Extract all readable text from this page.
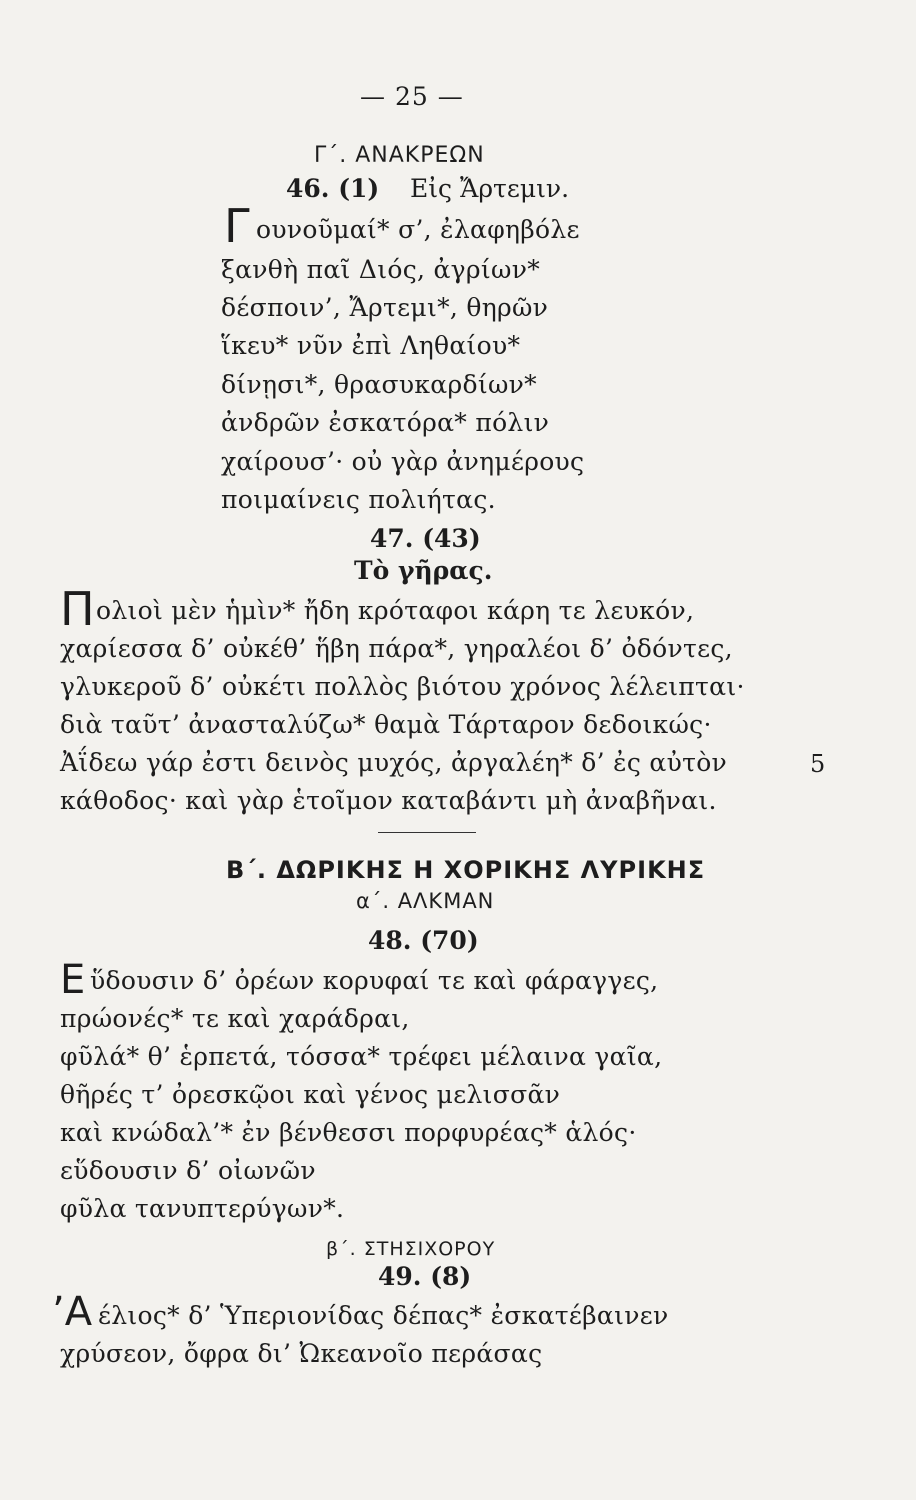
— 25 —
Γ΄. ΑΝΑΚΡΕΩΝ
46. (1) Εἰς Ἄρτεμιν.
Γ ουνοῦμαί* σ’, ἐλαφηβόλε
ξανθὴ παῖ Διός, ἀγρίων*
δέσποιν’, Ἄρτεμι*, θηρῶν
ἵκευ* νῦν ἐπὶ Ληθαίου*
δίνῃσι*, θρασυκαρδίων*
ἀνδρῶν ἐσκατόρα* πόλιν
χαίρουσ’· οὐ γὰρ ἀνημέρους
ποιμαίνεις πολιήτας.
47. (43)
Τὸ γῆρας.
Π ολιοὶ μὲν ἡμὶν* ἤδη κρόταφοι κάρη τε λευκόν,
χαρίεσσα δ’ οὐκέθ’ ἥβη πάρα*, γηραλέοι δ’ ὀδόντες,
γλυκεροῦ δ’ οὐκέτι πολλὸς βιότου χρόνος λέλειπται·
διὰ ταῦτ’ ἀνασταλύζω* θαμὰ Τάρταρον δεδοικώς·
Ἀΐδεω γάρ ἐστι δεινὸς μυχός, ἀργαλέη* δ’ ἐς αὐτὸν
κάθοδος· καὶ γὰρ ἑτοῖμον καταβάντι μὴ ἀναβῆναι.
5
Β΄. ΔΩΡΙΚΗΣ Η ΧΟΡΙΚΗΣ ΛΥΡΙΚΗΣ
α΄. ΑΛΚΜΑΝ
48. (70)
Ε ὕδουσιν δ’ ὀρέων κορυφαί τε καὶ φάραγγες,
πρώονές* τε καὶ χαράδραι,
φῦλά* θ’ ἑρπετά, τόσσα* τρέφει μέλαινα γαῖα,
θῆρές τ’ ὀρεσκῷοι καὶ γένος μελισσᾶν
καὶ κνώδαλ’* ἐν βένθεσσι πορφυρέας* ἁλός·
εὕδουσιν δ’ οἰωνῶν
φῦλα τανυπτερύγων*.
β΄. ΣΤΗΣΙΧΟΡΟΥ
49. (8)
’Α έλιος* δ’ Ὑπεριονίδας δέπας* ἐσκατέβαινεν
χρύσεον, ὄφρα δι’ Ὠκεανοῖο περάσας
